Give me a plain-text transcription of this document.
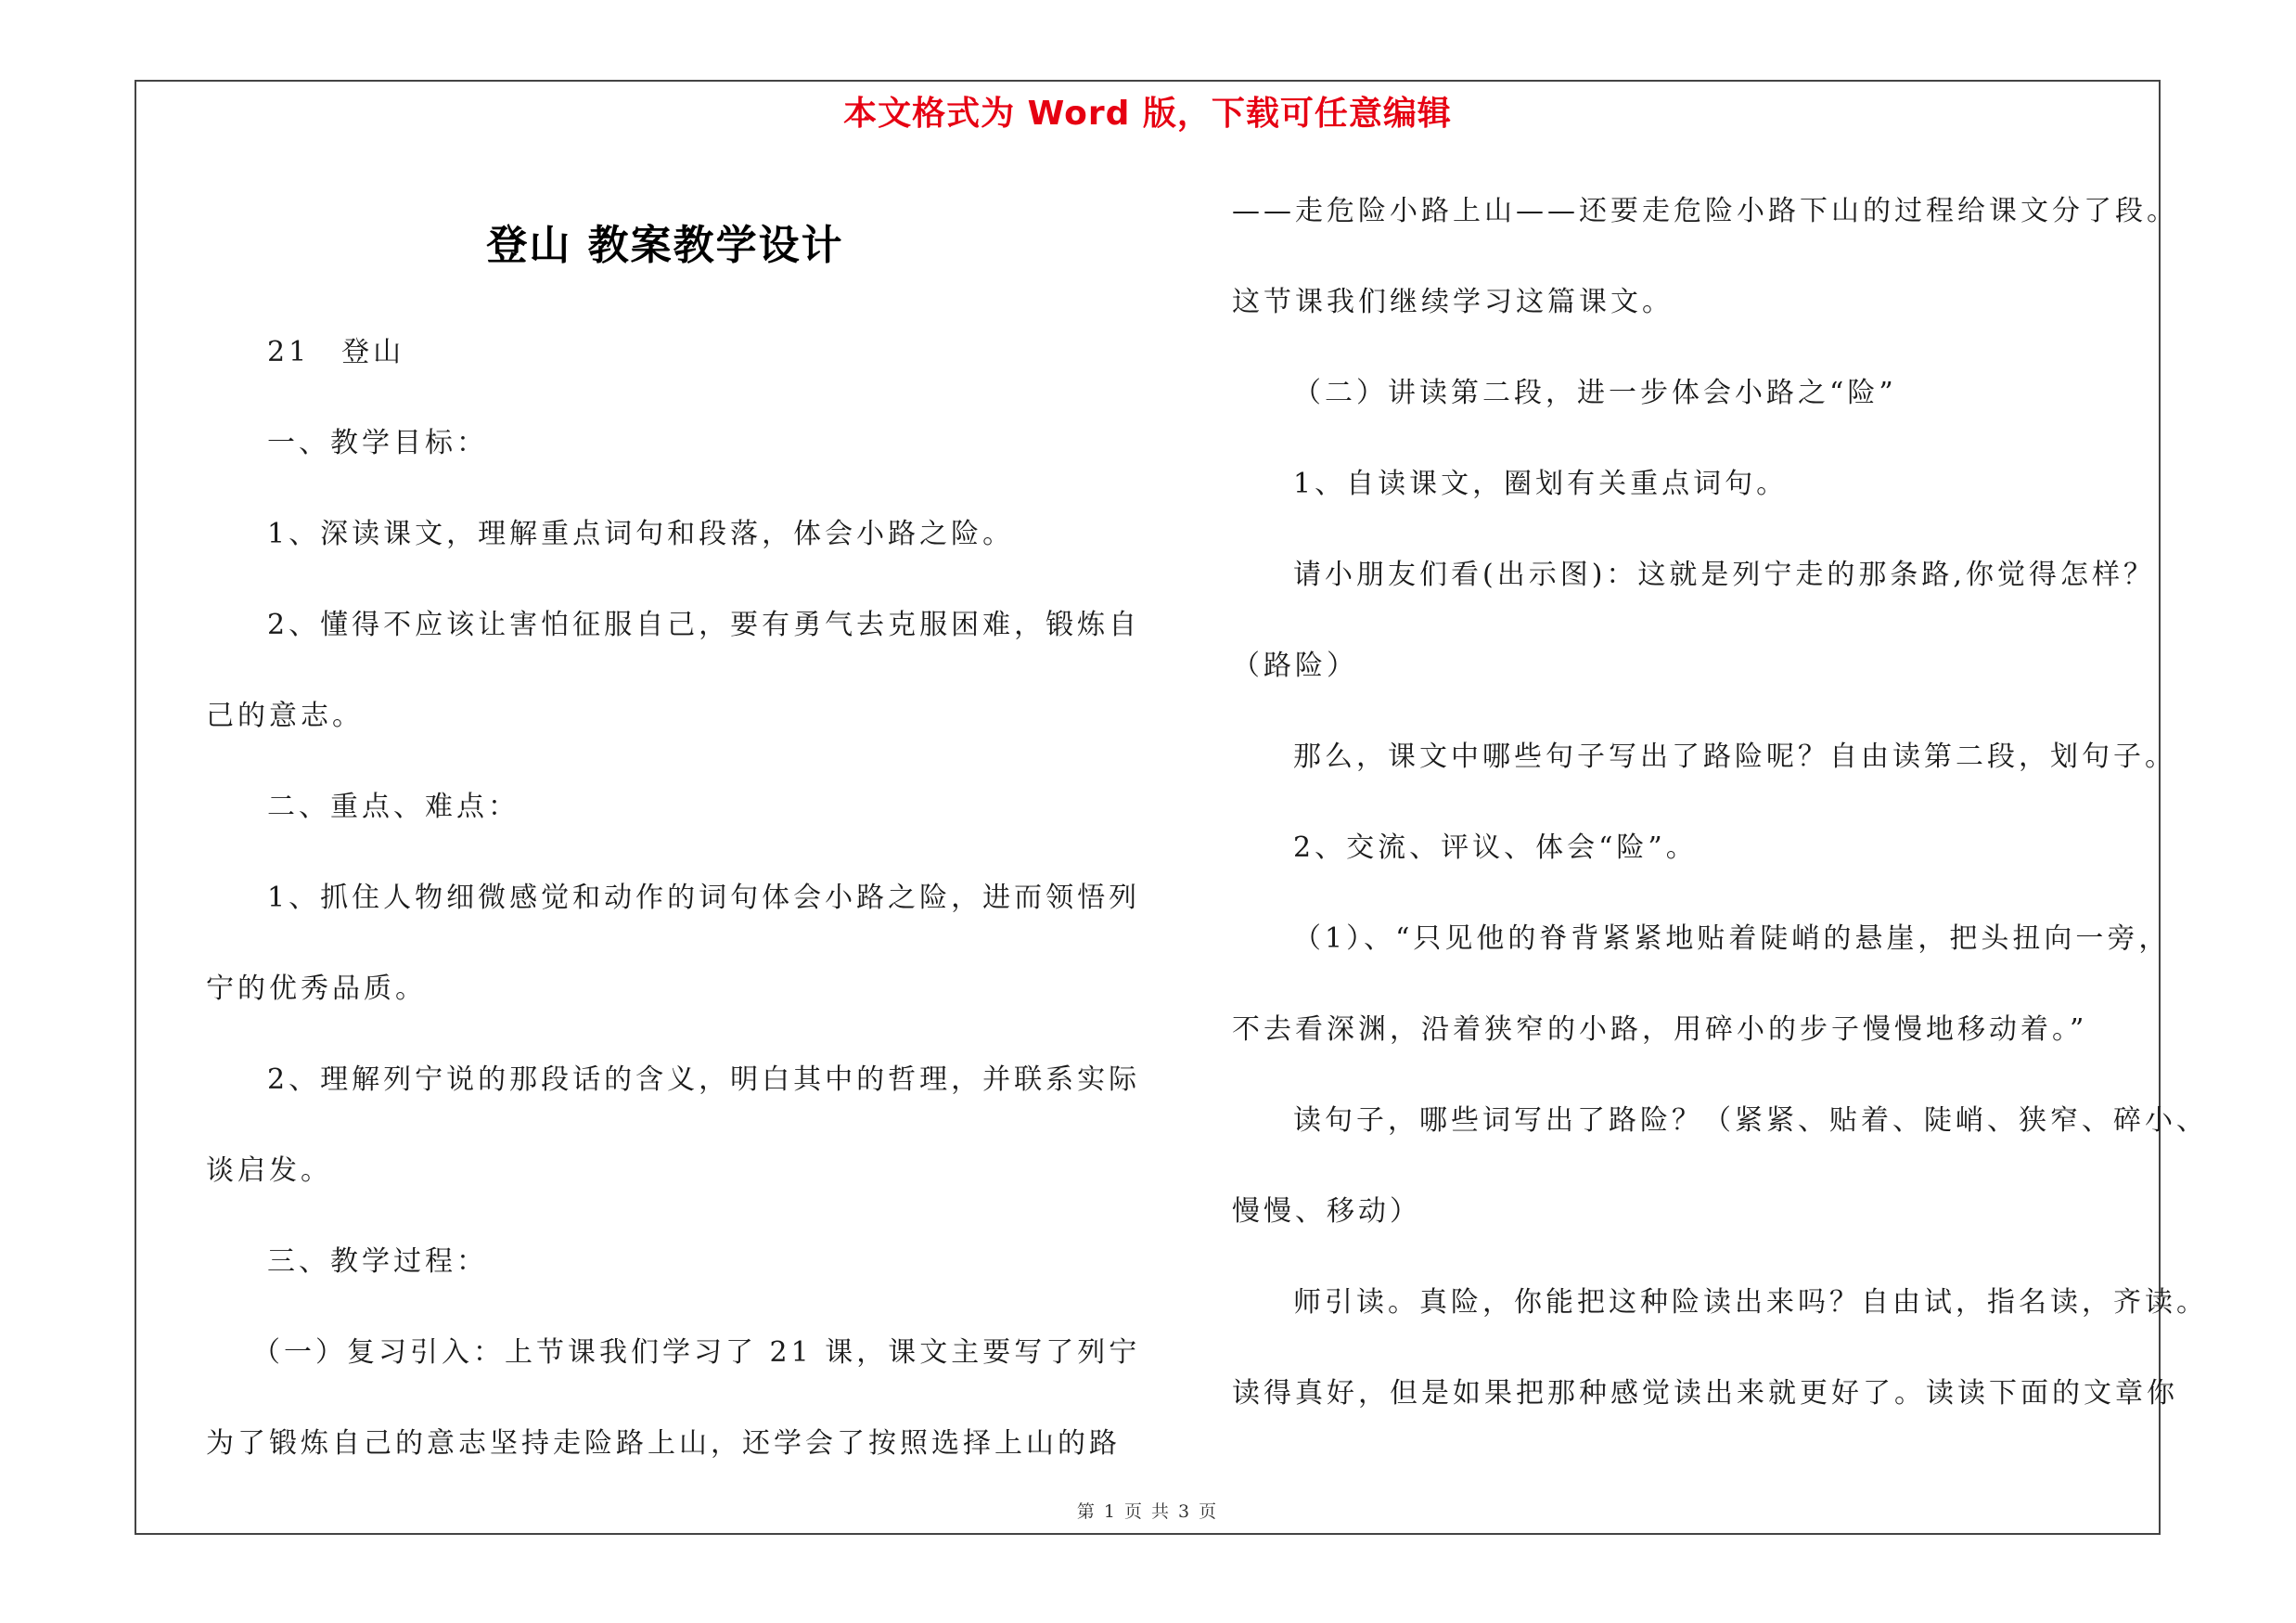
本文格式为 Word 版，下载可任意编辑
登山 教案教学设计
21　登山
一、教学目标：
1、深读课文，理解重点词句和段落，体会小路之险。
2、懂得不应该让害怕征服自己，要有勇气去克服困难，锻炼自
己的意志。
二、重点、难点：
1、抓住人物细微感觉和动作的词句体会小路之险，进而领悟列
宁的优秀品质。
2、理解列宁说的那段话的含义，明白其中的哲理，并联系实际
谈启发。
三、教学过程：
（一）复习引入：上节课我们学习了 21 课，课文主要写了列宁
为了锻炼自己的意志坚持走险路上山，还学会了按照选择上山的路
——走危险小路上山——还要走危险小路下山的过程给课文分了段。
这节课我们继续学习这篇课文。
（二）讲读第二段，进一步体会小路之“险”
1、自读课文，圈划有关重点词句。
请小朋友们看(出示图)：这就是列宁走的那条路,你觉得怎样？
（路险）
那么，课文中哪些句子写出了路险呢？自由读第二段，划句子。
2、交流、评议、体会“险”。
（1）、“只见他的脊背紧紧地贴着陡峭的悬崖，把头扭向一旁，
不去看深渊，沿着狭窄的小路，用碎小的步子慢慢地移动着。”
读句子，哪些词写出了路险？（紧紧、贴着、陡峭、狭窄、碎小、
慢慢、移动）
师引读。真险，你能把这种险读出来吗？自由试，指名读，齐读。
读得真好，但是如果把那种感觉读出来就更好了。读读下面的文章你
第 1 页 共 3 页
